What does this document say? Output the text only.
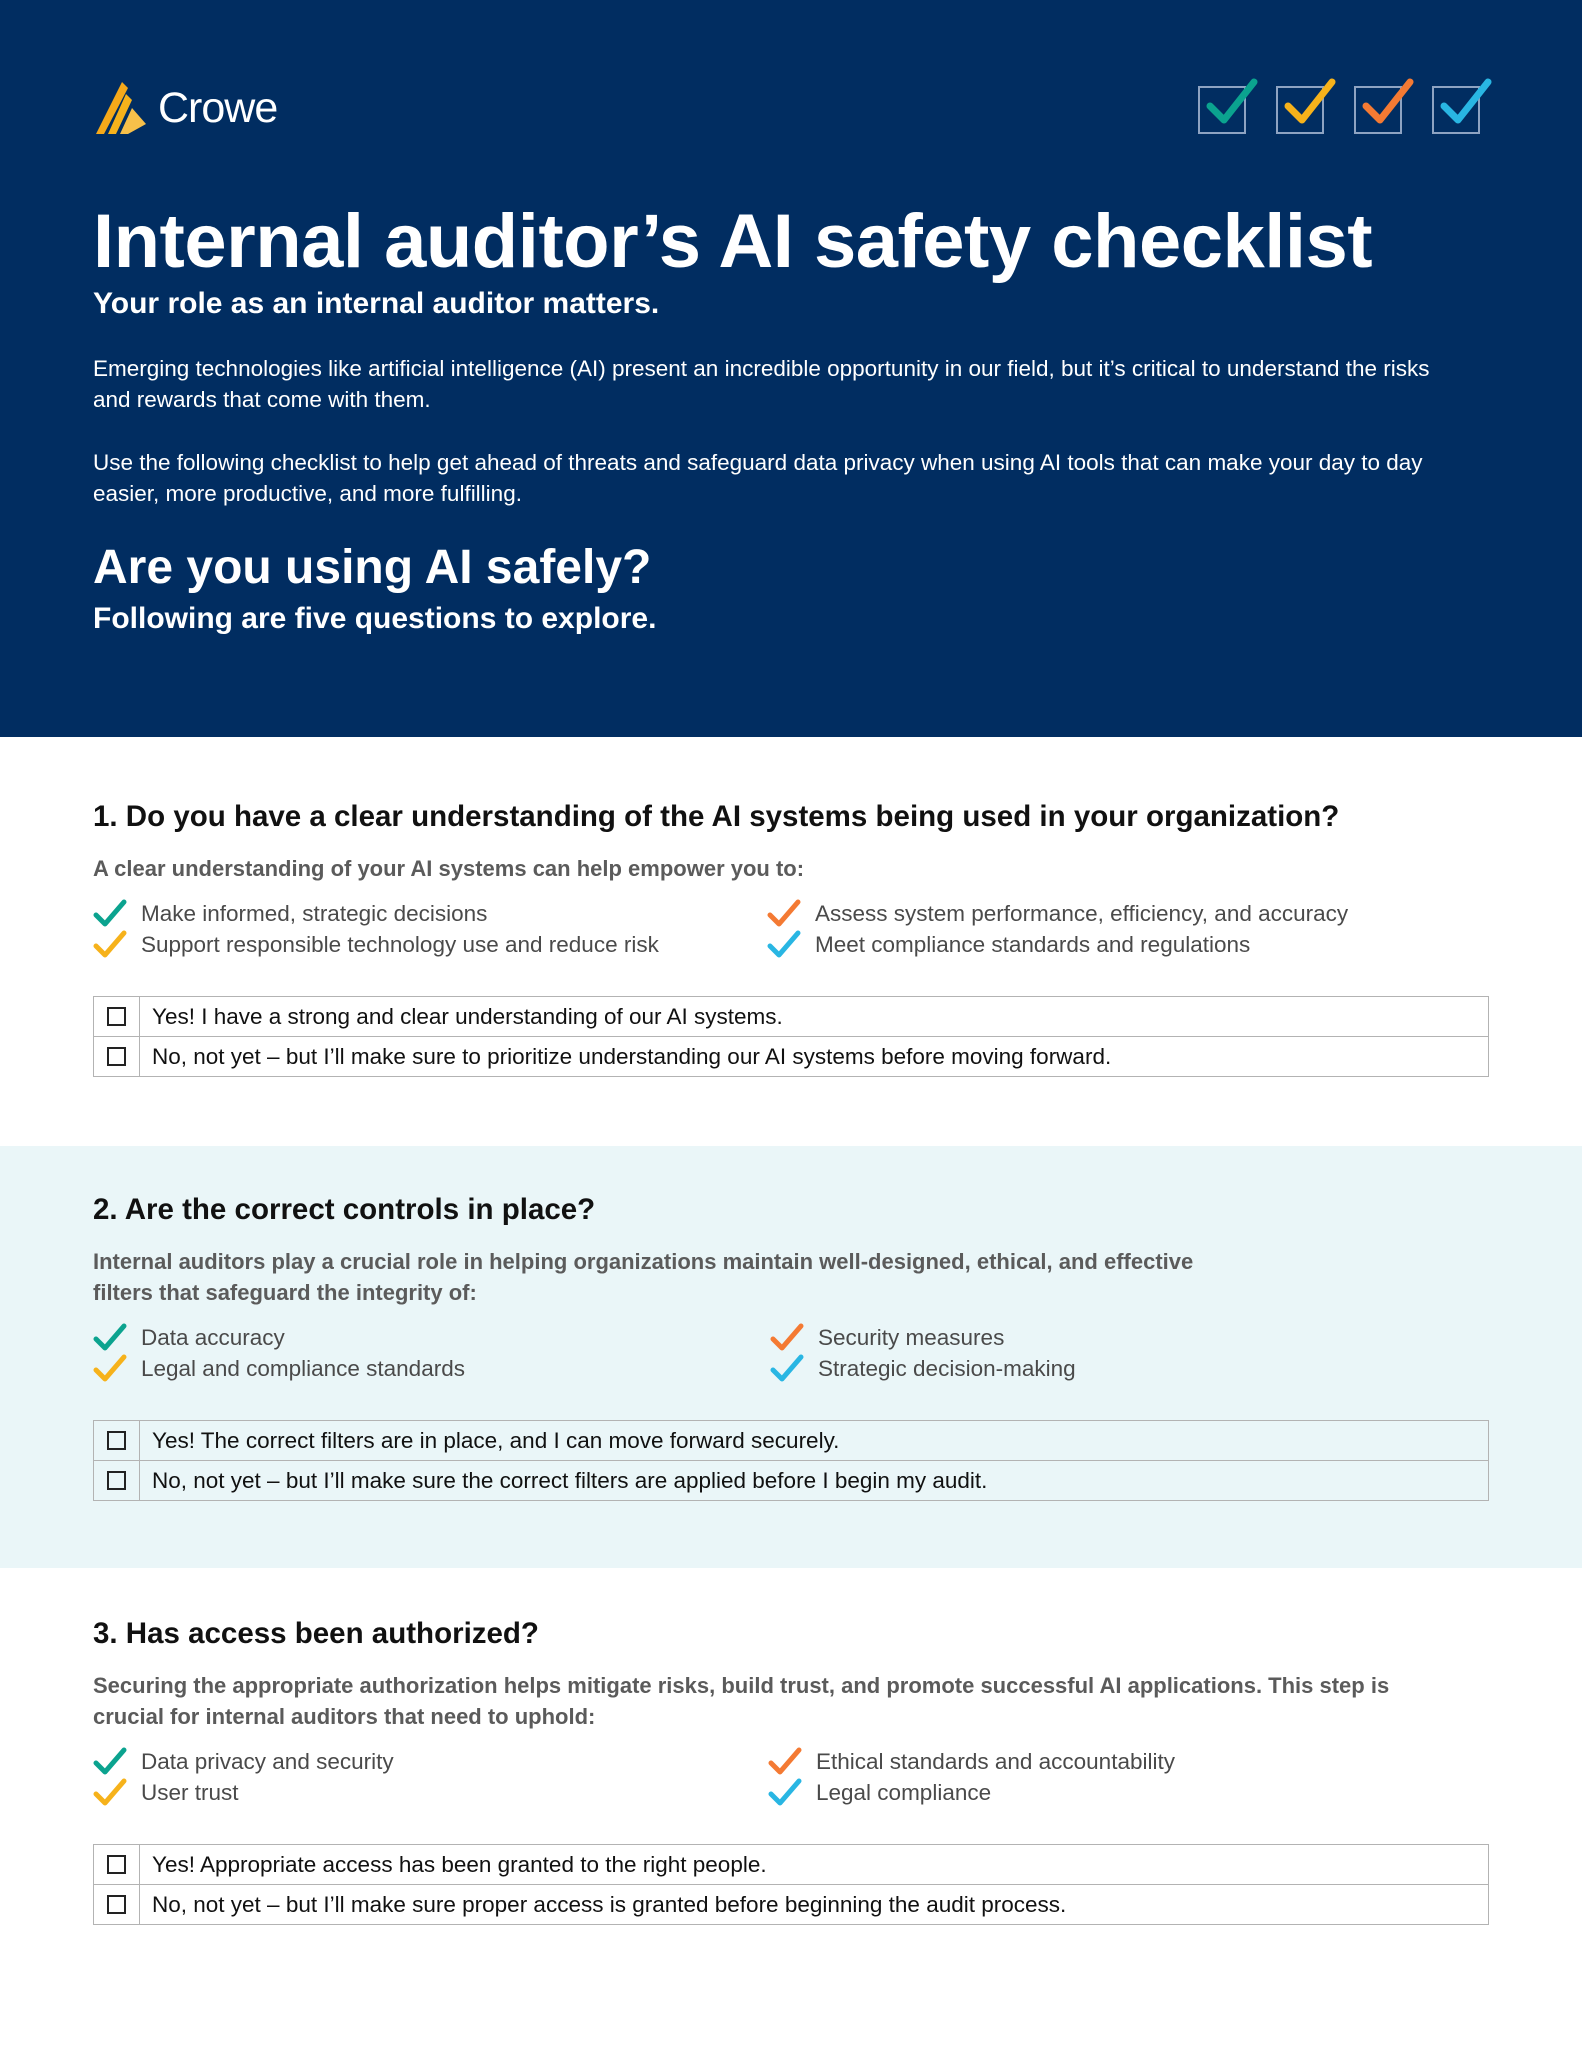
Crowe
Internal auditor’s AI safety checklist
Your role as an internal auditor matters.

Emerging technologies like artificial intelligence (AI) present an incredible opportunity in our field, but it’s critical to understand the risks and rewards that come with them.

Use the following checklist to help get ahead of threats and safeguard data privacy when using AI tools that can make your day to day easier, more productive, and more fulfilling.

Are you using AI safely?
Following are five questions to explore.
1. Do you have a clear understanding of the AI systems being used in your organization?

A clear understanding of your AI systems can help empower you to:

Make informed, strategic decisions
Support responsible technology use and reduce risk
Assess system performance, efficiency, and accuracy
Meet compliance standards and regulations
Yes! I have a strong and clear understanding of our AI systems.
No, not yet – but I’ll make sure to prioritize understanding our AI systems before moving forward.
2. Are the correct controls in place?

Internal auditors play a crucial role in helping organizations maintain well-designed, ethical, and effective filters that safeguard the integrity of:

Data accuracy
Legal and compliance standards
Security measures
Strategic decision-making
Yes! The correct filters are in place, and I can move forward securely.
No, not yet – but I’ll make sure the correct filters are applied before I begin my audit.
3. Has access been authorized?

Securing the appropriate authorization helps mitigate risks, build trust, and promote successful AI applications. This step is crucial for internal auditors that need to uphold:

Data privacy and security
User trust
Ethical standards and accountability
Legal compliance
Yes! Appropriate access has been granted to the right people.
No, not yet – but I’ll make sure proper access is granted before beginning the audit process.
